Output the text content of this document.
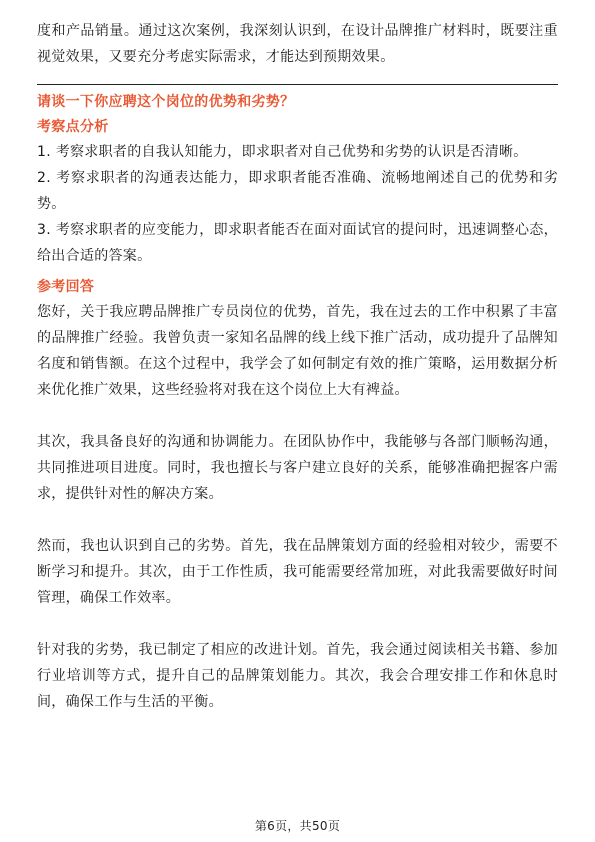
度和产品销量。通过这次案例，我深刻认识到，在设计品牌推广材料时，既要注重视觉效果，又要充分考虑实际需求，才能达到预期效果。

请谈一下你应聘这个岗位的优势和劣势？
考察点分析

1. 考察求职者的自我认知能力，即求职者对自己优势和劣势的认识是否清晰。

2. 考察求职者的沟通表达能力，即求职者能否准确、流畅地阐述自己的优势和劣势。

3. 考察求职者的应变能力，即求职者能否在面对面试官的提问时，迅速调整心态，给出合适的答案。

参考回答

您好，关于我应聘品牌推广专员岗位的优势，首先，我在过去的工作中积累了丰富的品牌推广经验。我曾负责一家知名品牌的线上线下推广活动，成功提升了品牌知名度和销售额。在这个过程中，我学会了如何制定有效的推广策略，运用数据分析来优化推广效果，这些经验将对我在这个岗位上大有裨益。

其次，我具备良好的沟通和协调能力。在团队协作中，我能够与各部门顺畅沟通，共同推进项目进度。同时，我也擅长与客户建立良好的关系，能够准确把握客户需求，提供针对性的解决方案。

然而，我也认识到自己的劣势。首先，我在品牌策划方面的经验相对较少，需要不断学习和提升。其次，由于工作性质，我可能需要经常加班，对此我需要做好时间管理，确保工作效率。

针对我的劣势，我已制定了相应的改进计划。首先，我会通过阅读相关书籍、参加行业培训等方式，提升自己的品牌策划能力。其次，我会合理安排工作和休息时间，确保工作与生活的平衡。

第6页，共50页
